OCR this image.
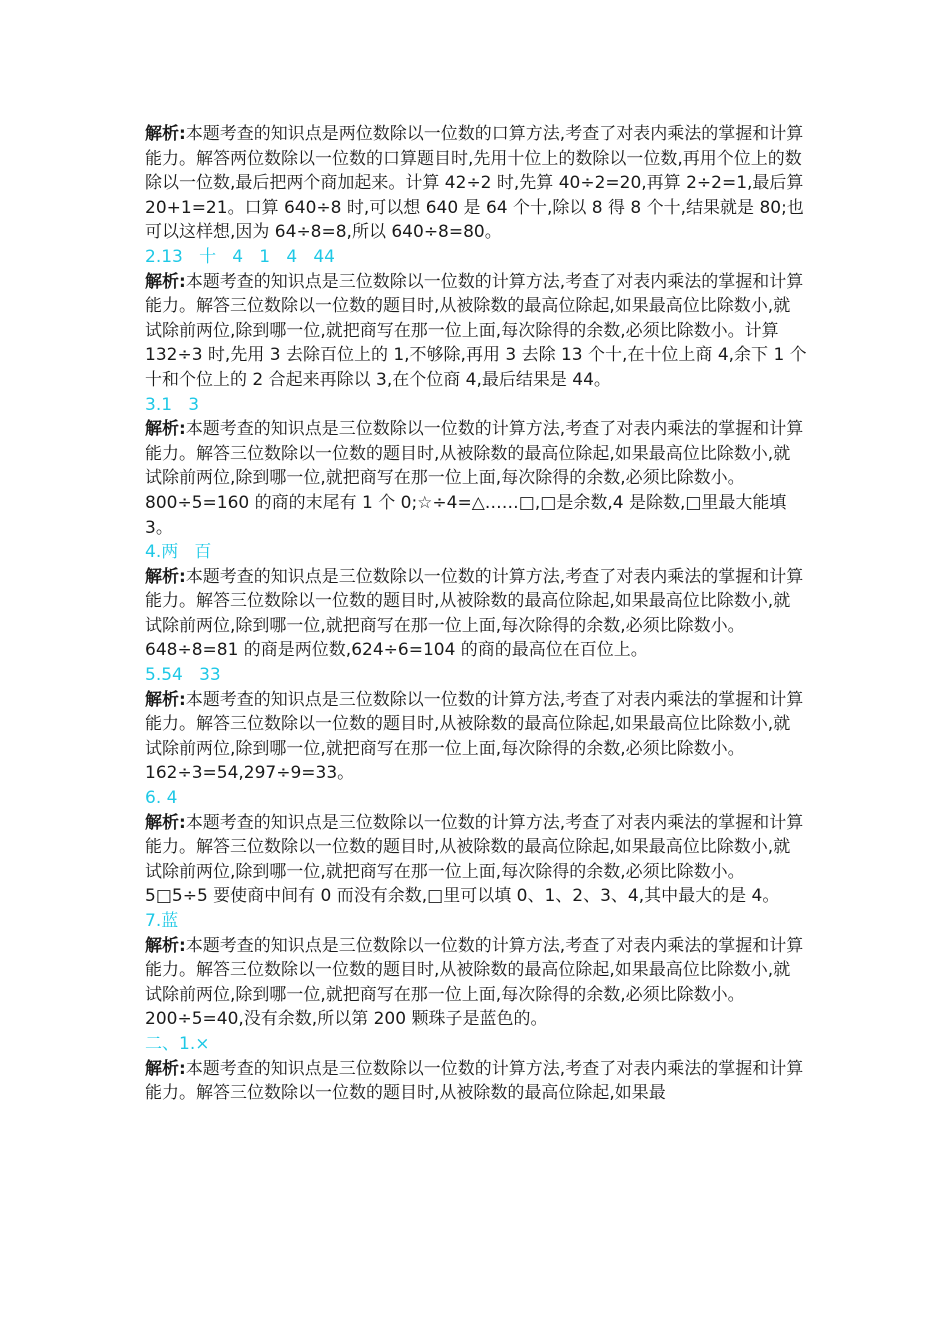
解析:本题考查的知识点是两位数除以一位数的口算方法,考查了对表内乘法的掌握和计算能力。解答两位数除以一位数的口算题目时,先用十位上的数除以一位数,再用个位上的数除以一位数,最后把两个商加起来。计算 42÷2 时,先算 40÷2=20,再算 2÷2=1,最后算 20+1=21。口算 640÷8 时,可以想 640 是 64 个十,除以 8 得 8 个十,结果就是 80;也可以这样想,因为 64÷8=8,所以 640÷8=80。
2.13   十   4   1   4   44
解析:本题考查的知识点是三位数除以一位数的计算方法,考查了对表内乘法的掌握和计算能力。解答三位数除以一位数的题目时,从被除数的最高位除起,如果最高位比除数小,就试除前两位,除到哪一位,就把商写在那一位上面,每次除得的余数,必须比除数小。计算 132÷3 时,先用 3 去除百位上的 1,不够除,再用 3 去除 13 个十,在十位上商 4,余下 1 个十和个位上的 2 合起来再除以 3,在个位商 4,最后结果是 44。
3.1   3
解析:本题考查的知识点是三位数除以一位数的计算方法,考查了对表内乘法的掌握和计算能力。解答三位数除以一位数的题目时,从被除数的最高位除起,如果最高位比除数小,就试除前两位,除到哪一位,就把商写在那一位上面,每次除得的余数,必须比除数小。800÷5=160 的商的末尾有 1 个 0;☆÷4=△……□,□是余数,4 是除数,□里最大能填 3。
4.两   百
解析:本题考查的知识点是三位数除以一位数的计算方法,考查了对表内乘法的掌握和计算能力。解答三位数除以一位数的题目时,从被除数的最高位除起,如果最高位比除数小,就试除前两位,除到哪一位,就把商写在那一位上面,每次除得的余数,必须比除数小。648÷8=81 的商是两位数,624÷6=104 的商的最高位在百位上。
5.54   33
解析:本题考查的知识点是三位数除以一位数的计算方法,考查了对表内乘法的掌握和计算能力。解答三位数除以一位数的题目时,从被除数的最高位除起,如果最高位比除数小,就试除前两位,除到哪一位,就把商写在那一位上面,每次除得的余数,必须比除数小。162÷3=54,297÷9=33。
6. 4
解析:本题考查的知识点是三位数除以一位数的计算方法,考查了对表内乘法的掌握和计算能力。解答三位数除以一位数的题目时,从被除数的最高位除起,如果最高位比除数小,就试除前两位,除到哪一位,就把商写在那一位上面,每次除得的余数,必须比除数小。5□5÷5 要使商中间有 0 而没有余数,□里可以填 0、1、2、3、4,其中最大的是 4。
7.蓝
解析:本题考查的知识点是三位数除以一位数的计算方法,考查了对表内乘法的掌握和计算能力。解答三位数除以一位数的题目时,从被除数的最高位除起,如果最高位比除数小,就试除前两位,除到哪一位,就把商写在那一位上面,每次除得的余数,必须比除数小。200÷5=40,没有余数,所以第 200 颗珠子是蓝色的。
二、1.×
解析:本题考查的知识点是三位数除以一位数的计算方法,考查了对表内乘法的掌握和计算能力。解答三位数除以一位数的题目时,从被除数的最高位除起,如果最
